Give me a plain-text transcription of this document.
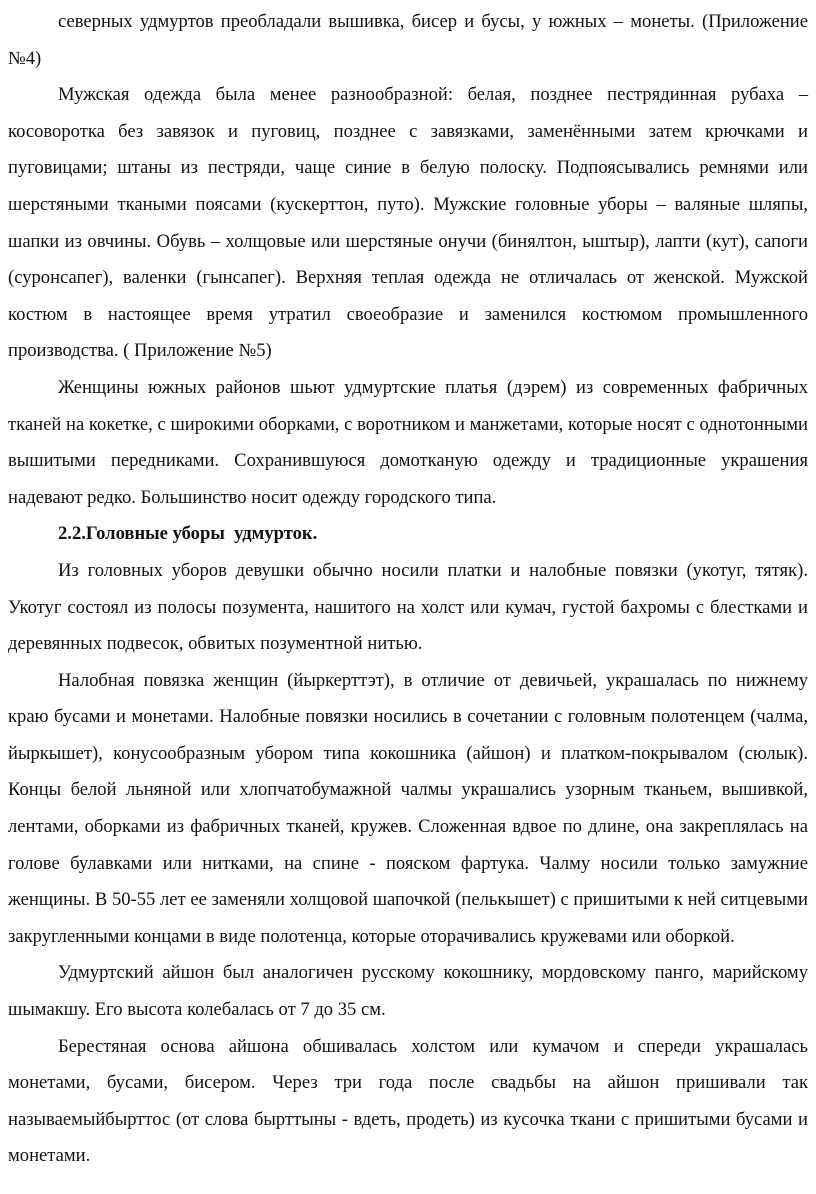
северных удмуртов преобладали вышивка, бисер и бусы, у южных – монеты. (Приложение №4)

Мужская одежда была менее разнообразной: белая, позднее пестрядинная рубаха – косоворотка без завязок и пуговиц, позднее с завязками, заменёнными затем крючками и пуговицами; штаны из пестряди, чаще синие в белую полоску. Подпоясывались ремнями или шерстяными ткаными поясами (кускерттон, путо). Мужские головные уборы – валяные шляпы, шапки из овчины. Обувь – холщовые или шерстяные онучи (бинялтон, ыштыр), лапти (кут), сапоги (суронсапег), валенки (гынсапег). Верхняя теплая одежда не отличалась от женской. Мужской костюм в настоящее время утратил своеобразие и заменился костюмом промышленного производства. ( Приложение №5)

Женщины южных районов шьют удмуртские платья (дэрем) из современных фабричных тканей на кокетке, с широкими оборками, с воротником и манжетами, которые носят с однотонными вышитыми передниками. Сохранившуюся домотканую одежду и традиционные украшения надевают редко. Большинство носит одежду городского типа.

2.2.Головные уборы  удмурток.

Из головных уборов девушки обычно носили платки и налобные повязки (укотуг, тятяк). Укотуг состоял из полосы позумента, нашитого на холст или кумач, густой бахромы с блестками и деревянных подвесок, обвитых позументной нитью.

Налобная повязка женщин (йыркерттэт), в отличие от девичьей, украшалась по нижнему краю бусами и монетами. Налобные повязки носились в сочетании с головным полотенцем (чалма, йыркышет), конусообразным убором типа кокошника (айшон) и платком-покрывалом (сюлык). Концы белой льняной или хлопчатобумажной чалмы украшались узорным тканьем, вышивкой, лентами, оборками из фабричных тканей, кружев. Сложенная вдвое по длине, она закреплялась на голове булавками или нитками, на спине - пояском фартука. Чалму носили только замужние женщины. В 50-55 лет ее заменяли холщовой шапочкой (пелькышет) с пришитыми к ней ситцевыми закругленными концами в виде полотенца, которые оторачивались кружевами или оборкой.

Удмуртский айшон был аналогичен русскому кокошнику, мордовскому панго, марийскому шымакшу. Его высота колебалась от 7 до 35 см.

Берестяная основа айшона обшивалась холстом или кумачом и спереди украшалась монетами, бусами, бисером. Через три года после свадьбы на айшон пришивали так называемыйбырттос (от слова бырттыны - вдеть, продеть) из кусочка ткани с пришитыми бусами и монетами.
